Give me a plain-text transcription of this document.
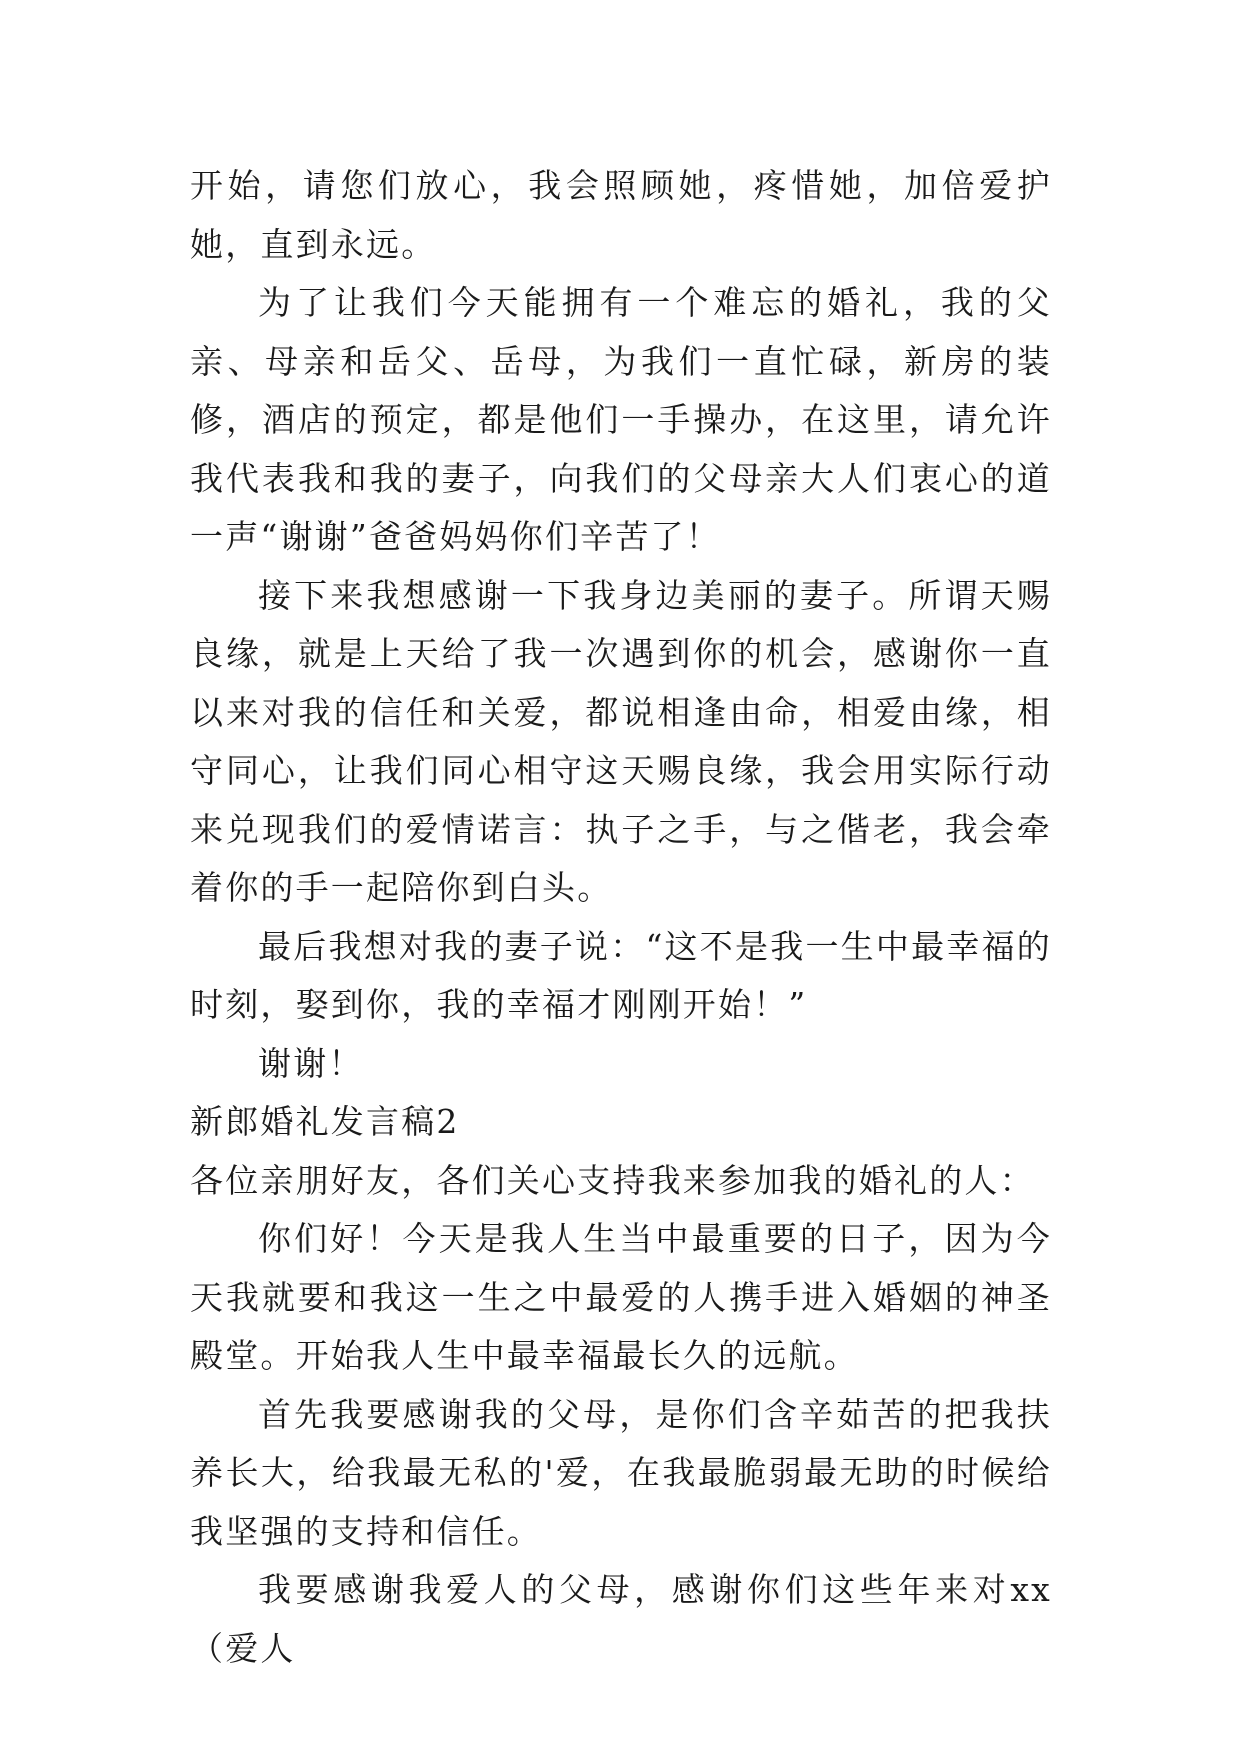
开始，请您们放心，我会照顾她，疼惜她，加倍爱护她，直到永远。

为了让我们今天能拥有一个难忘的婚礼，我的父亲、母亲和岳父、岳母，为我们一直忙碌，新房的装修，酒店的预定，都是他们一手操办，在这里，请允许我代表我和我的妻子，向我们的父母亲大人们衷心的道一声“谢谢”爸爸妈妈你们辛苦了！

接下来我想感谢一下我身边美丽的妻子。所谓天赐良缘，就是上天给了我一次遇到你的机会，感谢你一直以来对我的信任和关爱，都说相逢由命，相爱由缘，相守同心，让我们同心相守这天赐良缘，我会用实际行动来兑现我们的爱情诺言：执子之手，与之偕老，我会牵着你的手一起陪你到白头。

最后我想对我的妻子说：“这不是我一生中最幸福的时刻，娶到你，我的幸福才刚刚开始！”

谢谢！

新郎婚礼发言稿2

各位亲朋好友，各们关心支持我来参加我的婚礼的人：

你们好！今天是我人生当中最重要的日子，因为今天我就要和我这一生之中最爱的人携手进入婚姻的神圣殿堂。开始我人生中最幸福最长久的远航。

首先我要感谢我的父母，是你们含辛茹苦的把我扶养长大，给我最无私的'爱，在我最脆弱最无助的时候给我坚强的支持和信任。

我要感谢我爱人的父母，感谢你们这些年来对xx（爱人
